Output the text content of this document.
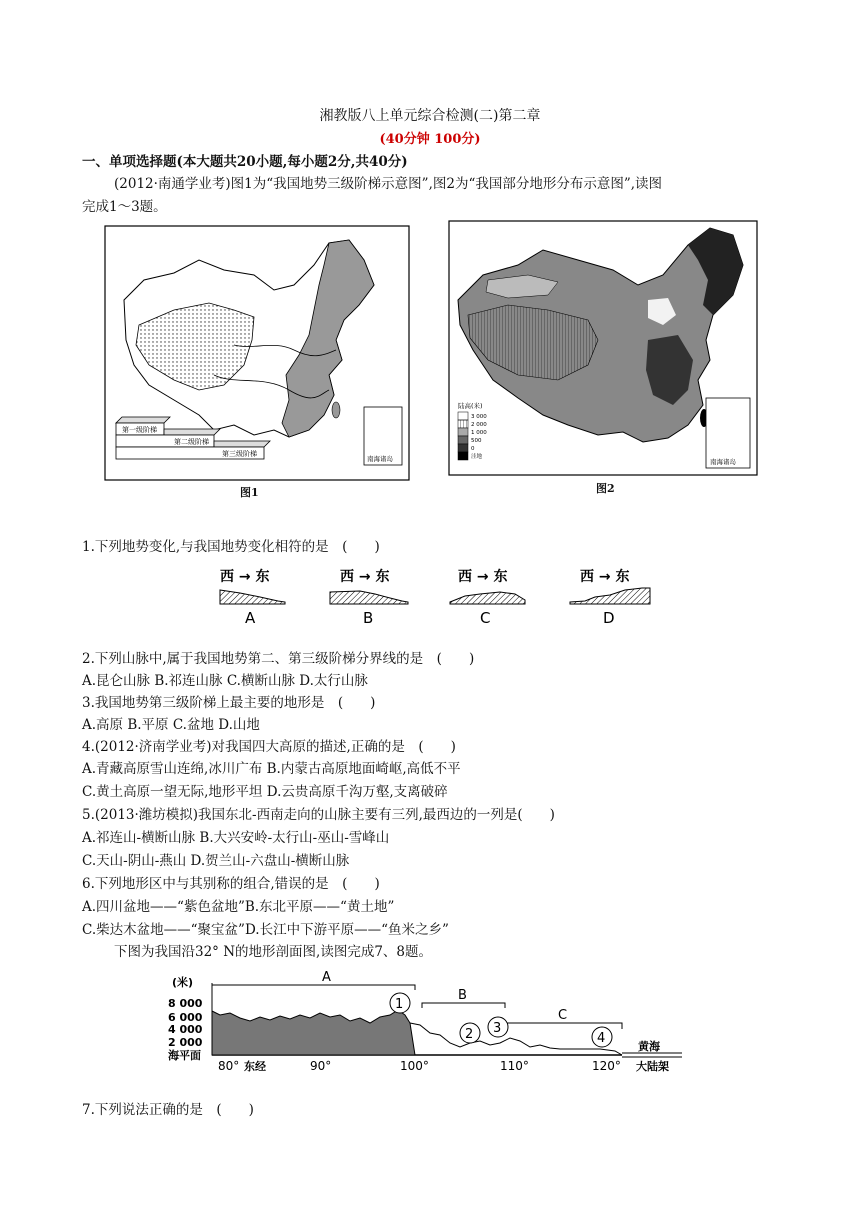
湘教版八上单元综合检测(二)第二章
(40分钟 100分)
一、单项选择题(本大题共20小题,每小题2分,共40分)
(2012·南通学业考)图1为“我国地势三级阶梯示意图”,图2为“我国部分地形分布示意图”,读图
完成1～3题。
第一级阶梯
第二级阶梯
第三级阶梯
南海诸岛
图1
陆高(米)
3 000
2 000
1 000
500
0
洼地
南海诸岛
图2
1.下列地势变化,与我国地势变化相符的是　(　　)
西 → 东
A
西 → 东
B
西 → 东
C
西 → 东
D
2.下列山脉中,属于我国地势第二、第三级阶梯分界线的是　(　　)
A.昆仑山脉 B.祁连山脉 C.横断山脉 D.太行山脉
3.我国地势第三级阶梯上最主要的地形是　(　　)
A.高原 B.平原 C.盆地 D.山地
4.(2012·济南学业考)对我国四大高原的描述,正确的是　(　　)
A.青藏高原雪山连绵,冰川广布 B.内蒙古高原地面崎岖,高低不平
C.黄土高原一望无际,地形平坦 D.云贵高原千沟万壑,支离破碎
5.(2013·潍坊模拟)我国东北-西南走向的山脉主要有三列,最西边的一列是(　　)
A.祁连山-横断山脉 B.大兴安岭-太行山-巫山-雪峰山
C.天山-阴山-燕山 D.贺兰山-六盘山-横断山脉
6.下列地形区中与其别称的组合,错误的是　(　　)
A.四川盆地——“紫色盆地”B.东北平原——“黄土地”
C.柴达木盆地——“聚宝盆”D.长江中下游平原——“鱼米之乡”
下图为我国沿32° N的地形剖面图,读图完成7、8题。
(米)
8 000
6 000
4 000
2 000
海平面
A
B
C
1
2 3
4
黄海
大陆架
80° 东经	90°	100°	110°	120°
7.下列说法正确的是　(　　)
